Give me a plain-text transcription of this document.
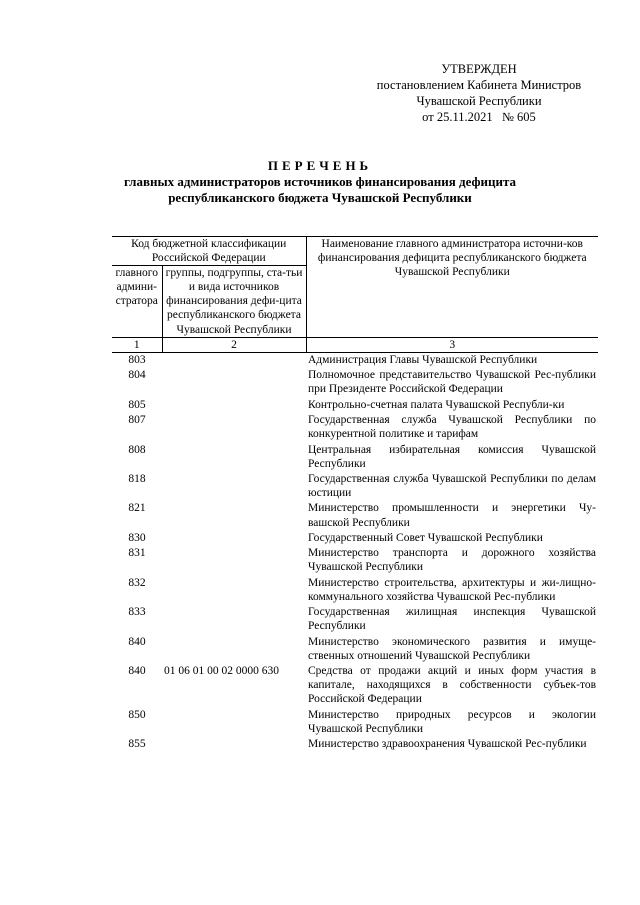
УТВЕРЖДЕН
постановлением Кабинета Министров
Чувашской Республики
от 25.11.2021   № 605
ПЕРЕЧЕНЬ
главных администраторов источников финансирования дефицита
республиканского бюджета Чувашской Республики
Код бюджетной классификации Российской Федерации		Наименование главного администратора источни-ков финансирования дефицита республиканского бюджета Чувашской Республики
главного админи-стратора	группы, подгруппы, ста-тьи и вида источников финансирования дефи-цита республиканского бюджета Чувашской Республики	
1	2	3
803		Администрация Главы Чувашской Республики
804		Полномочное представительство Чувашской Рес-публики при Президенте Российской Федерации
805		Контрольно-счетная палата Чувашской Республи-ки
807		Государственная служба Чувашской Республики по конкурентной политике и тарифам
808		Центральная избирательная комиссия Чувашской Республики
818		Государственная служба Чувашской Республики по делам юстиции
821		Министерство промышленности и энергетики Чу-вашской Республики
830		Государственный Совет Чувашской Республики
831		Министерство транспорта и дорожного хозяйства Чувашской Республики
832		Министерство строительства, архитектуры и жи-лищно-коммунального хозяйства Чувашской Рес-публики
833		Государственная жилищная инспекция Чувашской Республики
840		Министерство экономического развития и имуще-ственных отношений Чувашской Республики
840	01 06 01 00 02 0000 630	Средства от продажи акций и иных форм участия в капитале, находящихся в собственности субъек-тов Российской Федерации
850		Министерство природных ресурсов и экологии Чувашской Республики
855		Министерство здравоохранения Чувашской Рес-публики
